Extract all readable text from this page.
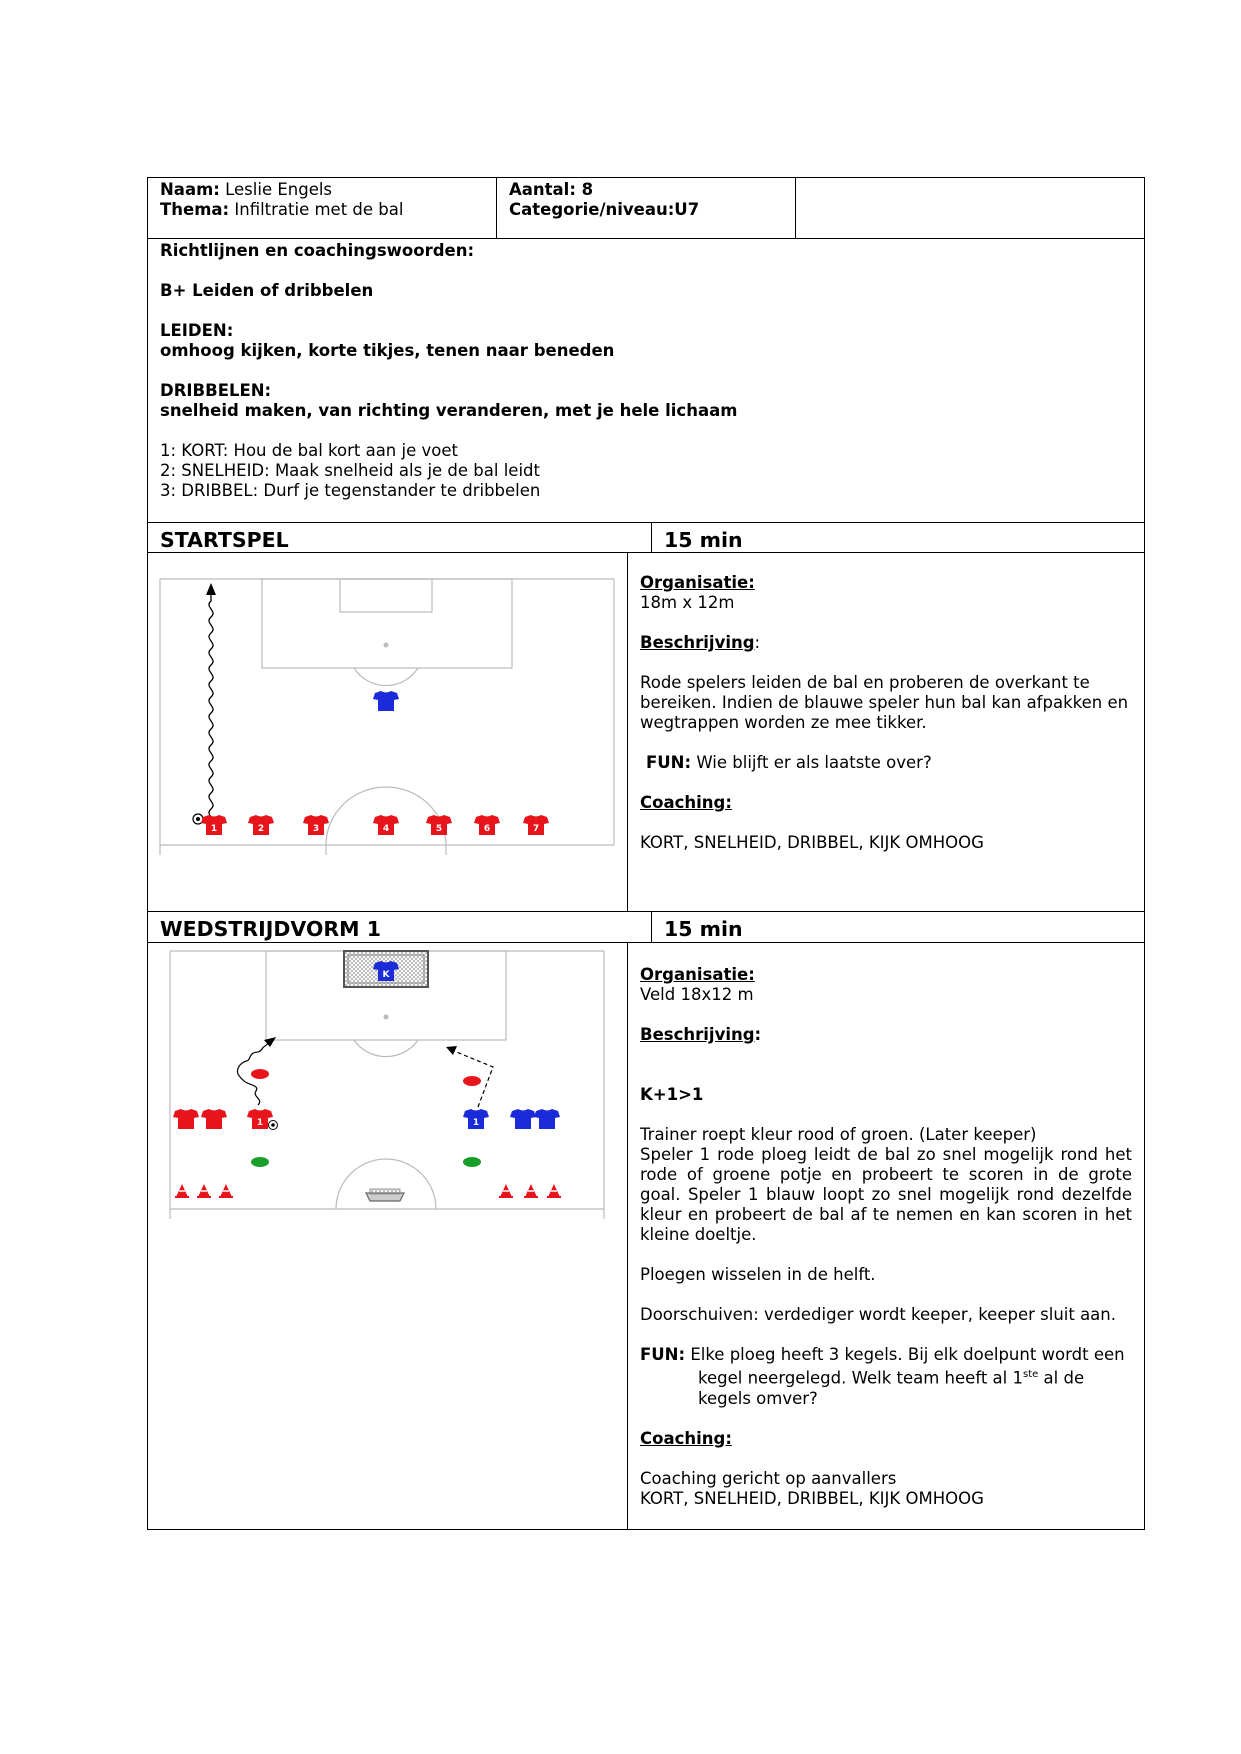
Naam: Leslie Engels

Thema: Infiltratie met de bal

Aantal: 8

Categorie/niveau:U7

Richtlijnen en coachingswoorden:

B+ Leiden of dribbelen

LEIDEN:

omhoog kijken, korte tikjes, tenen naar beneden

DRIBBELEN:

snelheid maken, van richting veranderen, met je hele lichaam

1: KORT: Hou de bal kort aan je voet

2: SNELHEID: Maak snelheid als je de bal leidt

3: DRIBBEL: Durf je tegenstander te dribbelen

STARTSPEL	15 min
1	2	3	4	5	6	7

Organisatie:

18m x 12m

Beschrijving:

Rode spelers leiden de bal en proberen de overkant te bereiken. Indien de blauwe speler hun bal kan afpakken en wegtrappen worden ze mee tikker.

FUN: Wie blijft er als laatste over?

Coaching:

KORT, SNELHEID, DRIBBEL, KIJK OMHOOG

WEDSTRIJDVORM 1	15 min
K
1	1

Organisatie:

Veld 18x12 m

Beschrijving:

K+1>1

Trainer roept kleur rood of groen. (Later keeper)

Speler 1 rode ploeg leidt de bal zo snel mogelijk rond het rode of groene potje en probeert te scoren in de grote goal. Speler 1 blauw loopt zo snel mogelijk rond dezelfde kleur en probeert de bal af te nemen en kan scoren in het kleine doeltje.

Ploegen wisselen in de helft.

Doorschuiven: verdediger wordt keeper, keeper sluit aan.

FUN: Elke ploeg heeft 3 kegels. Bij elk doelpunt wordt een kegel neergelegd. Welk team heeft al 1ste al de kegels omver?

Coaching:

Coaching gericht op aanvallers

KORT, SNELHEID, DRIBBEL, KIJK OMHOOG
